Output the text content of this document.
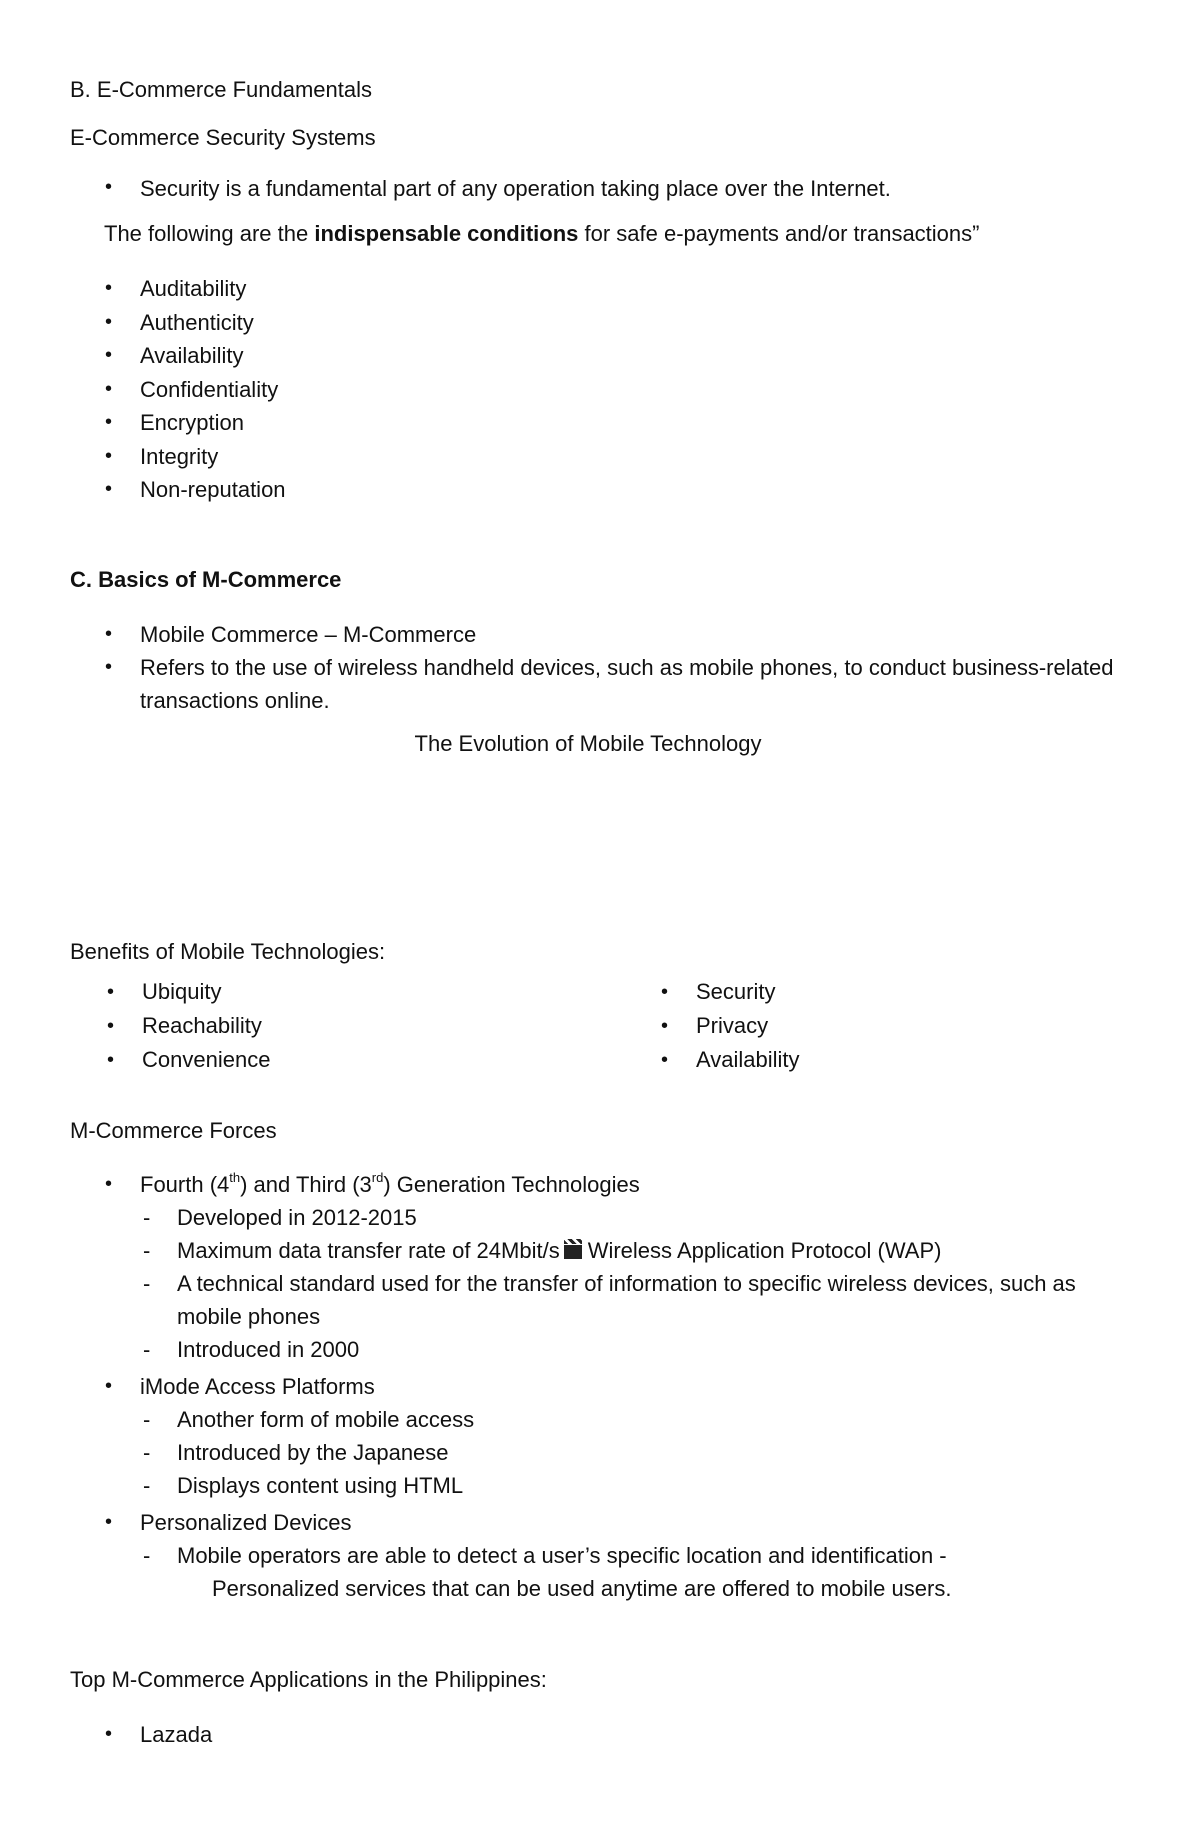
B. E-Commerce Fundamentals
E-Commerce Security Systems
• Security is a fundamental part of any operation taking place over the Internet.
The following are the indispensable conditions for safe e-payments and/or transactions”
• Auditability
• Authenticity
• Availability
• Confidentiality
• Encryption
• Integrity
• Non-reputation
C. Basics of M-Commerce
• Mobile Commerce – M-Commerce
• Refers to the use of wireless handheld devices, such as mobile phones, to conduct business-related
transactions online.
The Evolution of Mobile Technology
Benefits of Mobile Technologies:
• Ubiquity
• Reachability
• Convenience
• Security
• Privacy
• Availability
M-Commerce Forces
• Fourth (4th) and Third (3rd) Generation Technologies
- Developed in 2012-2015
- Maximum data transfer rate of 24Mbit/s Wireless Application Protocol (WAP)
- A technical standard used for the transfer of information to specific wireless devices, such as
mobile phones
- Introduced in 2000
• iMode Access Platforms
- Another form of mobile access
- Introduced by the Japanese
- Displays content using HTML
• Personalized Devices
- Mobile operators are able to detect a user’s specific location and identification -
Personalized services that can be used anytime are offered to mobile users.
Top M-Commerce Applications in the Philippines:
• Lazada
